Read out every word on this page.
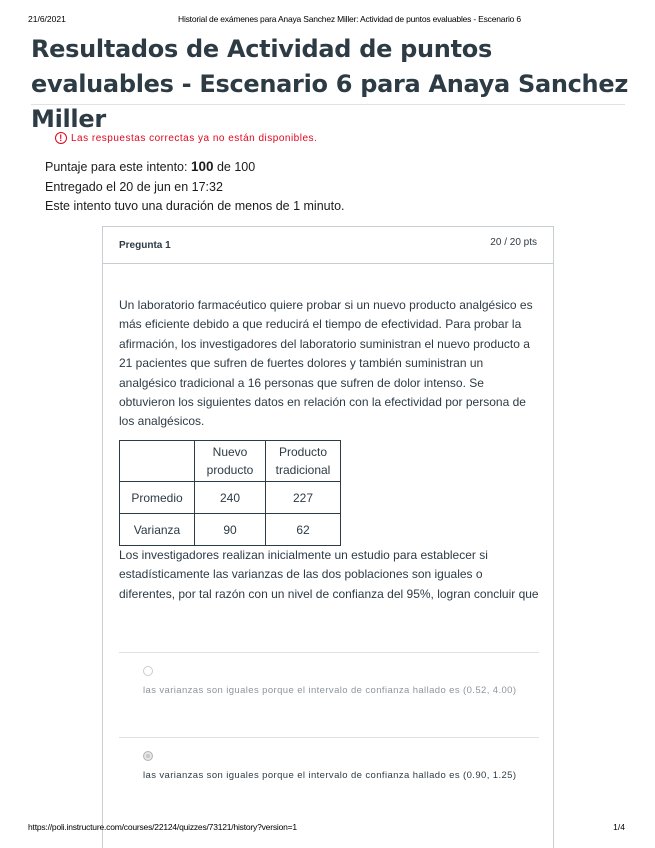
21/6/2021	Historial de exámenes para Anaya Sanchez Miller: Actividad de puntos evaluables - Escenario 6
Resultados de Actividad de puntos evaluables - Escenario 6 para Anaya Sanchez Miller
! Las respuestas correctas ya no están disponibles.
Puntaje para este intento: 100 de 100
Entregado el 20 de jun en 17:32
Este intento tuvo una duración de menos de 1 minuto.
Pregunta 1	20 / 20 pts
Un laboratorio farmacéutico quiere probar si un nuevo producto analgésico es más eficiente debido a que reducirá el tiempo de efectividad. Para probar la afirmación, los investigadores del laboratorio suministran el nuevo producto a 21 pacientes que sufren de fuertes dolores y también suministran un analgésico tradicional a 16 personas que sufren de dolor intenso. Se obtuvieron los siguientes datos en relación con la efectividad por persona de los analgésicos.
	Nuevo producto	Producto tradicional
Promedio	240	227
Varianza	90	62
Los investigadores realizan inicialmente un estudio para establecer si estadísticamente las varianzas de las dos poblaciones son iguales o diferentes, por tal razón con un nivel de confianza del 95%, logran concluir que
las varianzas son iguales porque el intervalo de confianza hallado es (0.52, 4.00)
las varianzas son iguales porque el intervalo de confianza hallado es (0.90, 1.25)
https://poli.instructure.com/courses/22124/quizzes/73121/history?version=1	1/4
